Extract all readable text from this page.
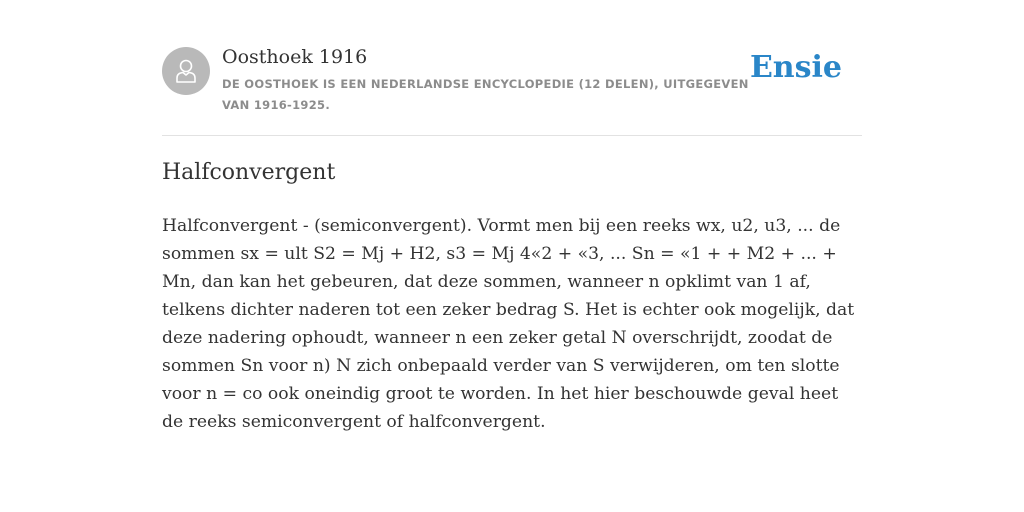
Oosthoek 1916
DE OOSTHOEK IS EEN NEDERLANDSE ENCYCLOPEDIE (12 DELEN), UITGEGEVEN VAN 1916-1925.
Ensie
Halfconvergent

Halfconvergent - (semiconvergent). Vormt men bij een reeks wx, u2, u3, ... de sommen sx = ult S2 = Mj + H2, s3 = Mj 4«2 + «3, ... Sn = «1 + + M2 + ... + Mn, dan kan het gebeuren, dat deze sommen, wanneer n opklimt van 1 af, telkens dichter naderen tot een zeker bedrag S. Het is echter ook mogelijk, dat deze nadering ophoudt, wanneer n een zeker getal N overschrijdt, zoodat de sommen Sn voor n) N zich onbepaald verder van S verwijderen, om ten slotte voor n = co ook oneindig groot te worden. In het hier beschouwde geval heet de reeks semiconvergent of halfconvergent.
